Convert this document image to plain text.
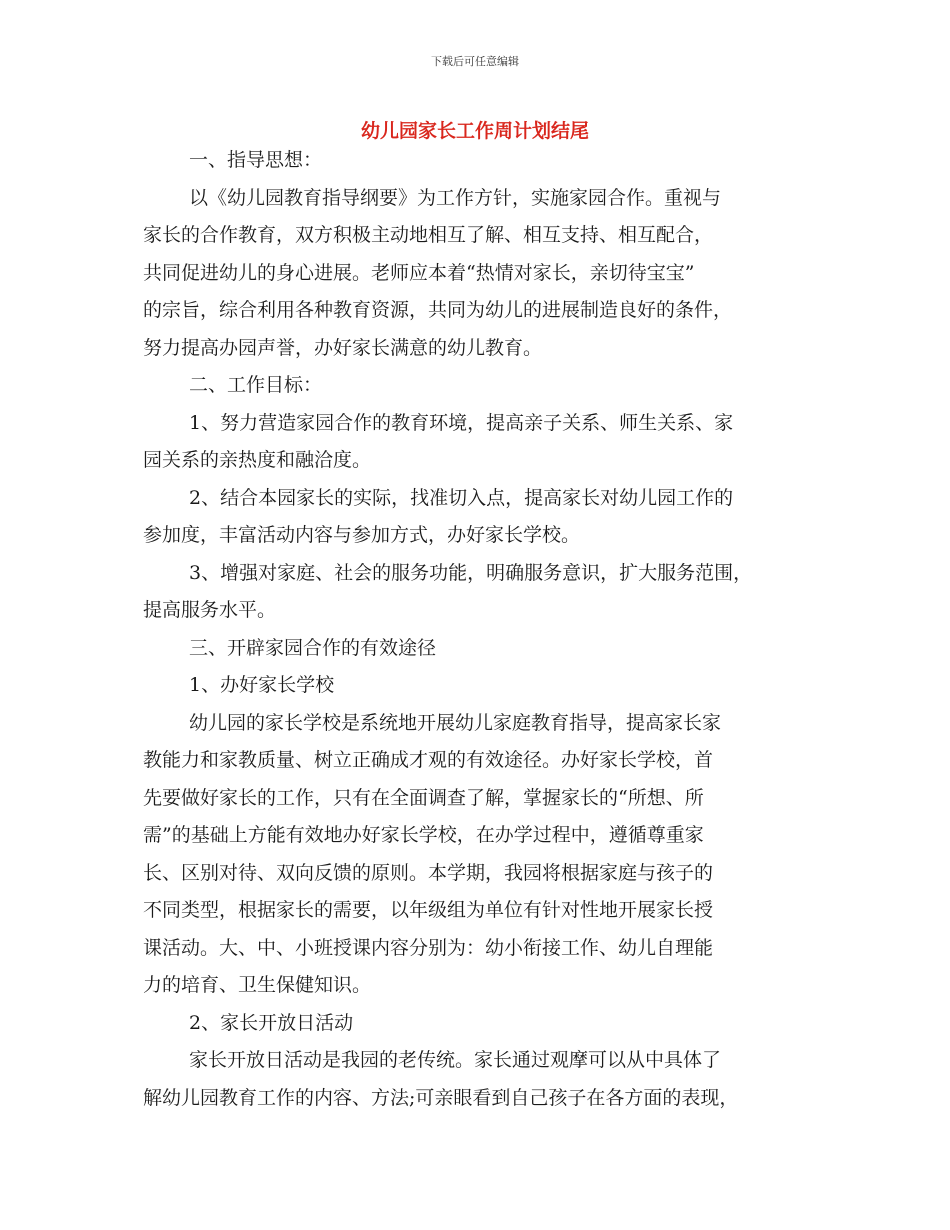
下载后可任意编辑
幼儿园家长工作周计划结尾

一、指导思想：

以《幼儿园教育指导纲要》为工作方针，实施家园合作。重视与

家长的合作教育，双方积极主动地相互了解、相互支持、相互配合，

共同促进幼儿的身心进展。老师应本着“热情对家长，亲切待宝宝”

的宗旨，综合利用各种教育资源，共同为幼儿的进展制造良好的条件，

努力提高办园声誉，办好家长满意的幼儿教育。

二、工作目标：

1、努力营造家园合作的教育环境，提高亲子关系、师生关系、家

园关系的亲热度和融洽度。

2、结合本园家长的实际，找准切入点，提高家长对幼儿园工作的

参加度，丰富活动内容与参加方式，办好家长学校。

3、增强对家庭、社会的服务功能，明确服务意识，扩大服务范围，

提高服务水平。

三、开辟家园合作的有效途径

1、办好家长学校

幼儿园的家长学校是系统地开展幼儿家庭教育指导，提高家长家

教能力和家教质量、树立正确成才观的有效途径。办好家长学校，首

先要做好家长的工作，只有在全面调查了解，掌握家长的“所想、所

需”的基础上方能有效地办好家长学校，在办学过程中，遵循尊重家

长、区别对待、双向反馈的原则。本学期，我园将根据家庭与孩子的

不同类型，根据家长的需要，以年级组为单位有针对性地开展家长授

课活动。大、中、小班授课内容分别为：幼小衔接工作、幼儿自理能

力的培育、卫生保健知识。

2、家长开放日活动

家长开放日活动是我园的老传统。家长通过观摩可以从中具体了

解幼儿园教育工作的内容、方法;可亲眼看到自己孩子在各方面的表现，
